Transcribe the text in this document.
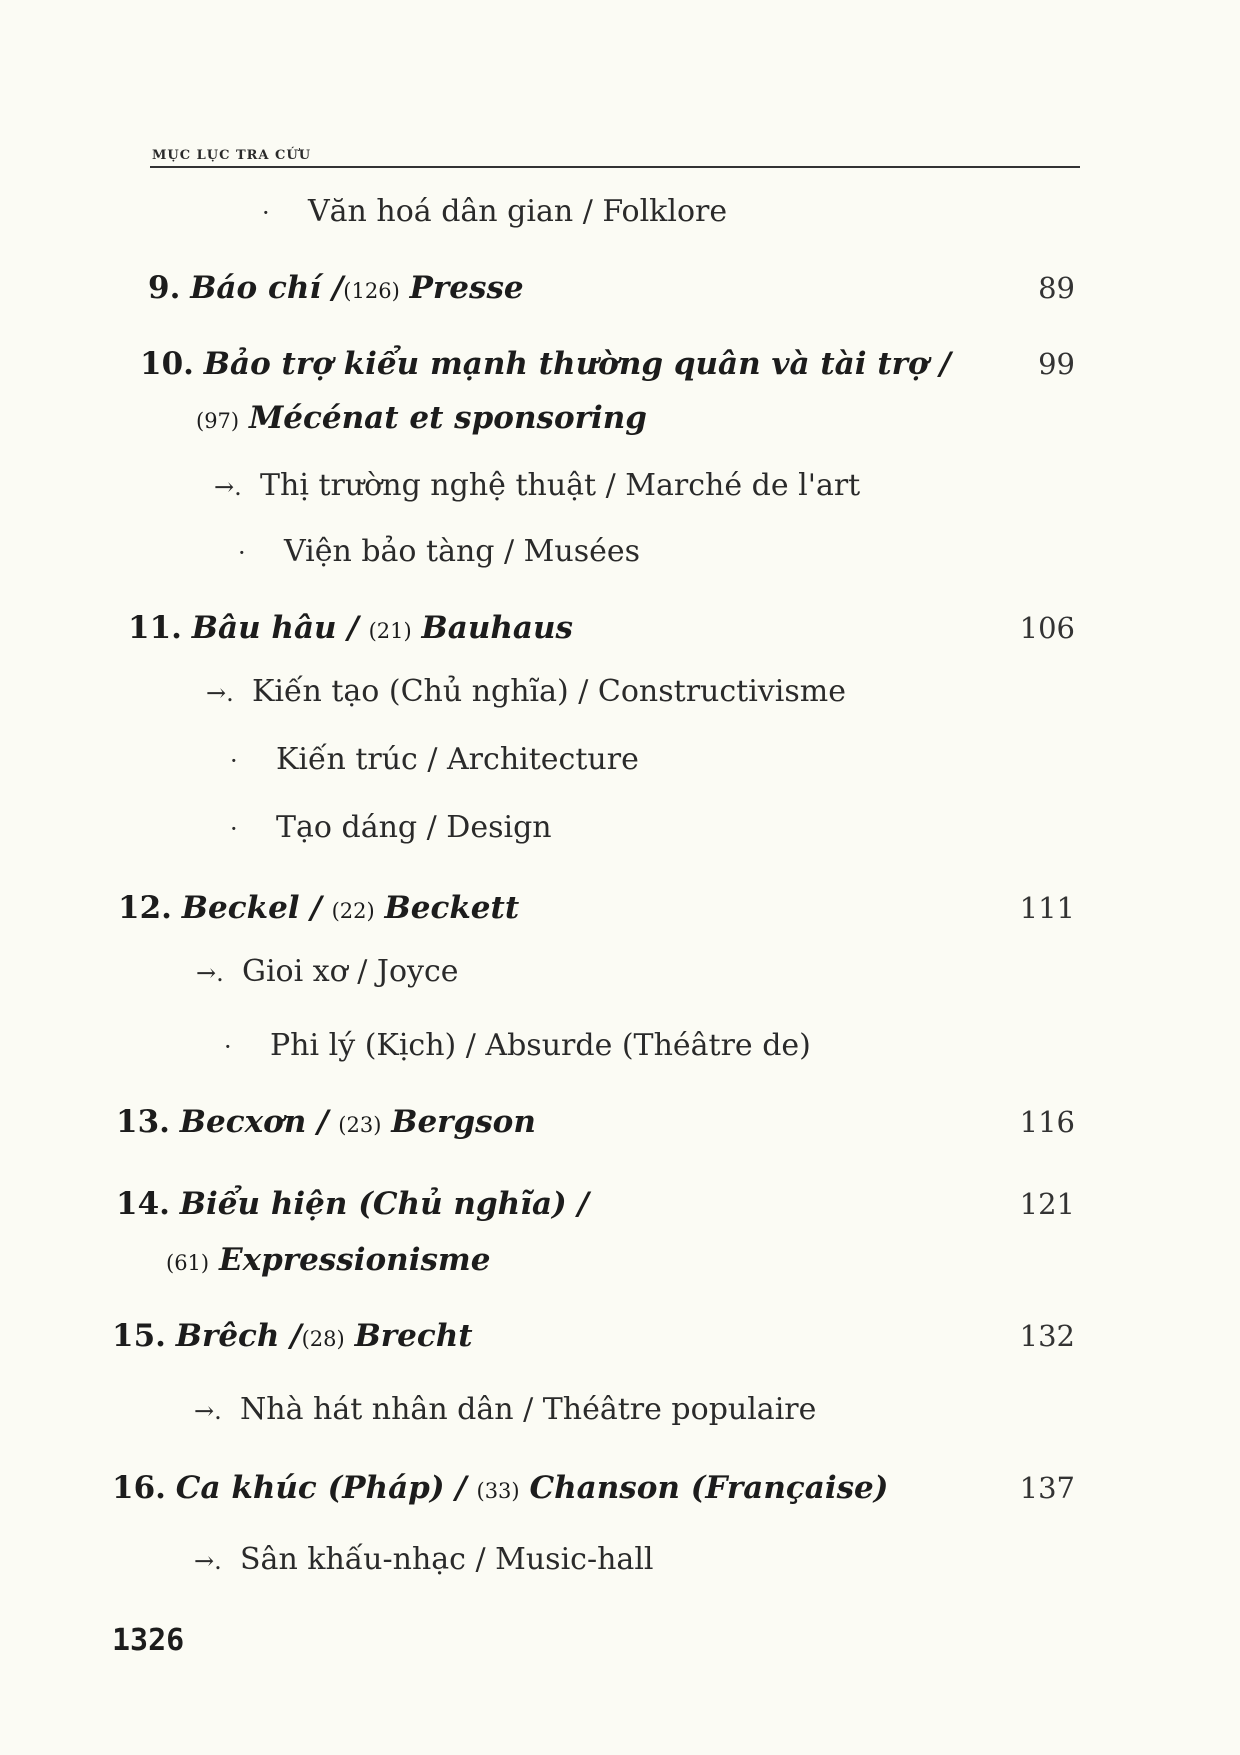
MỤC LỤC TRA CỨU
· Văn hoá dân gian / Folklore
9. Báo chí /(126) Presse	89
10. Bảo trợ kiểu mạnh thường quân và tài trợ /	99
(97) Mécénat et sponsoring
→. Thị trường nghệ thuật / Marché de l'art
· Viện bảo tàng / Musées
11. Bâu hâu / (21) Bauhaus	106
→. Kiến tạo (Chủ nghĩa) / Constructivisme
· Kiến trúc / Architecture
· Tạo dáng / Design
12. Beckel / (22) Beckett	111
→. Gioi xơ / Joyce
· Phi lý (Kịch) / Absurde (Théâtre de)
13. Becxơn / (23) Bergson	116
14. Biểu hiện (Chủ nghĩa) /	121
(61) Expressionisme
15. Brêch /(28) Brecht	132
→. Nhà hát nhân dân / Théâtre populaire
16. Ca khúc (Pháp) / (33) Chanson (Française)	137
→. Sân khấu-nhạc / Music-hall
1326
